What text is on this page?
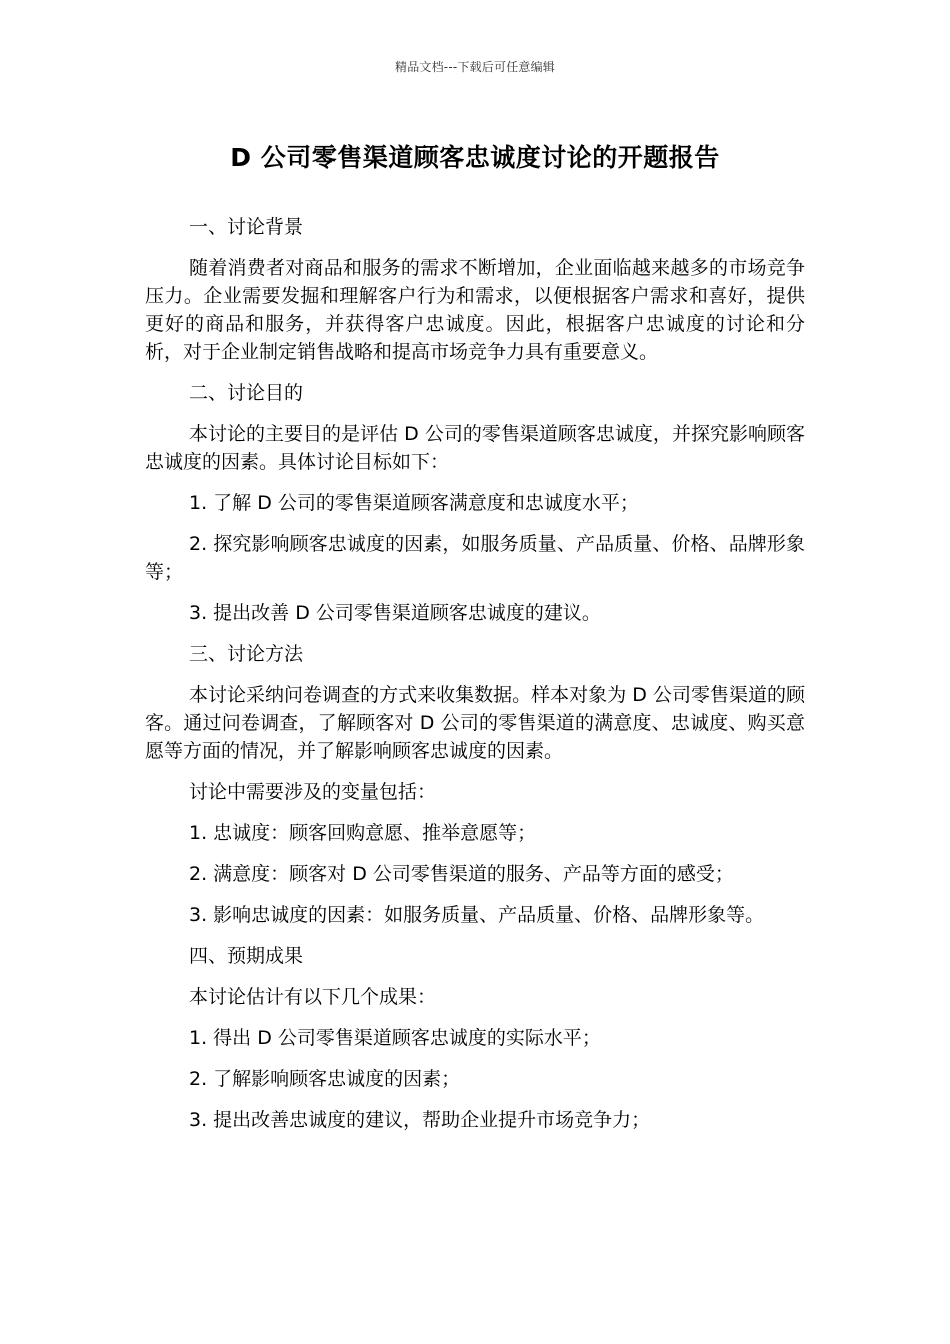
精品文档---下载后可任意编辑
D 公司零售渠道顾客忠诚度讨论的开题报告

一、讨论背景

随着消费者对商品和服务的需求不断增加，企业面临越来越多的市场竞争压力。企业需要发掘和理解客户行为和需求，以便根据客户需求和喜好，提供更好的商品和服务，并获得客户忠诚度。因此，根据客户忠诚度的讨论和分析，对于企业制定销售战略和提高市场竞争力具有重要意义。

二、讨论目的

本讨论的主要目的是评估 D 公司的零售渠道顾客忠诚度，并探究影响顾客忠诚度的因素。具体讨论目标如下：

1. 了解 D 公司的零售渠道顾客满意度和忠诚度水平；

2. 探究影响顾客忠诚度的因素，如服务质量、产品质量、价格、品牌形象等；

3. 提出改善 D 公司零售渠道顾客忠诚度的建议。

三、讨论方法

本讨论采纳问卷调查的方式来收集数据。样本对象为 D 公司零售渠道的顾客。通过问卷调查，了解顾客对 D 公司的零售渠道的满意度、忠诚度、购买意愿等方面的情况，并了解影响顾客忠诚度的因素。

讨论中需要涉及的变量包括：

1. 忠诚度：顾客回购意愿、推举意愿等；

2. 满意度：顾客对 D 公司零售渠道的服务、产品等方面的感受；

3. 影响忠诚度的因素：如服务质量、产品质量、价格、品牌形象等。

四、预期成果

本讨论估计有以下几个成果：

1. 得出 D 公司零售渠道顾客忠诚度的实际水平；

2. 了解影响顾客忠诚度的因素；

3. 提出改善忠诚度的建议，帮助企业提升市场竞争力；
